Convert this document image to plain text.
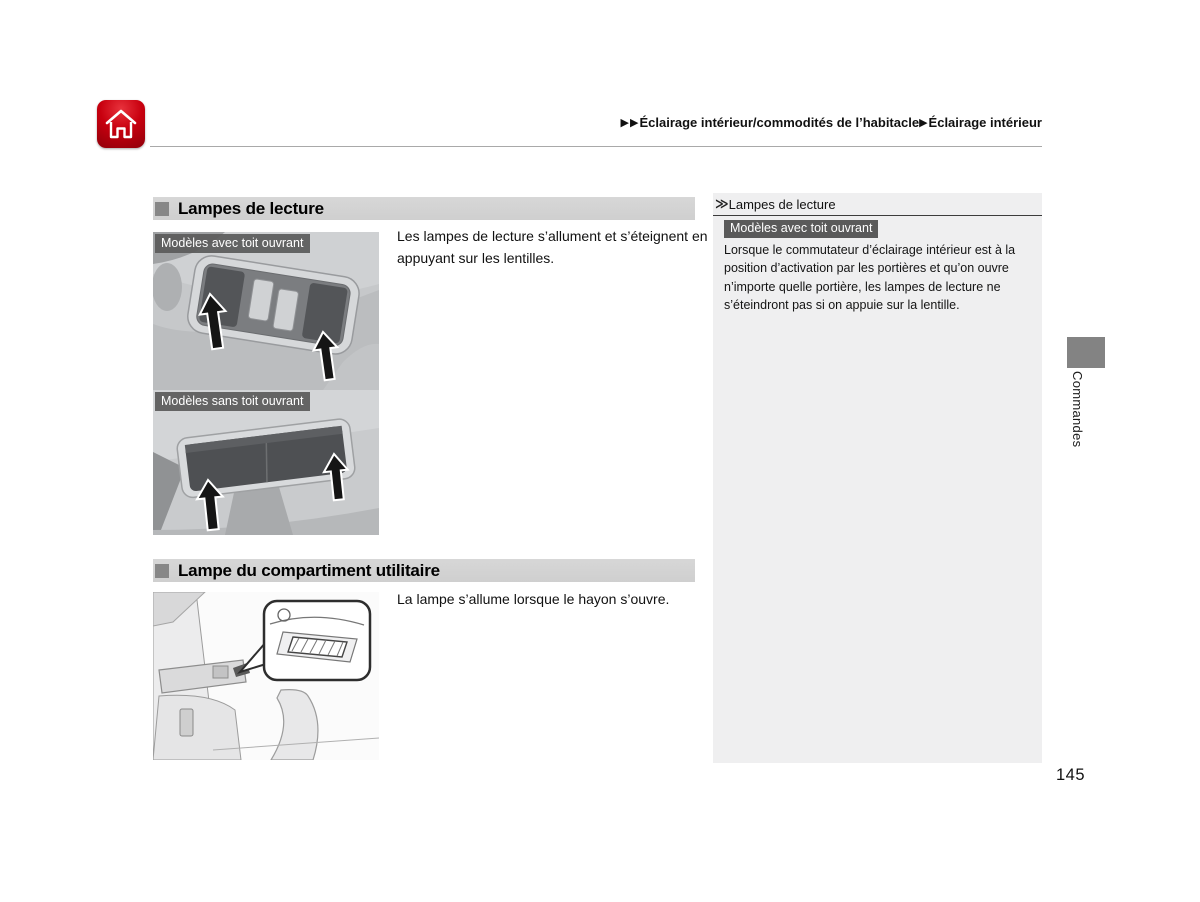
▶▶Éclairage intérieur/commodités de l’habitacle▶Éclairage intérieur
Lampes de lecture
Modèles avec toit ouvrant
Modèles sans toit ouvrant

Les lampes de lecture s’allument et s’éteignent en appuyant sur les lentilles.

Lampe du compartiment utilitaire

La lampe s’allume lorsque le hayon s’ouvre.

≫ Lampes de lecture
Modèles avec toit ouvrant

Lorsque le commutateur d’éclairage intérieur est à la position d’activation par les portières et qu’on ouvre n’importe quelle portière, les lampes de lecture ne s’éteindront pas si on appuie sur la lentille.

Commandes
145
